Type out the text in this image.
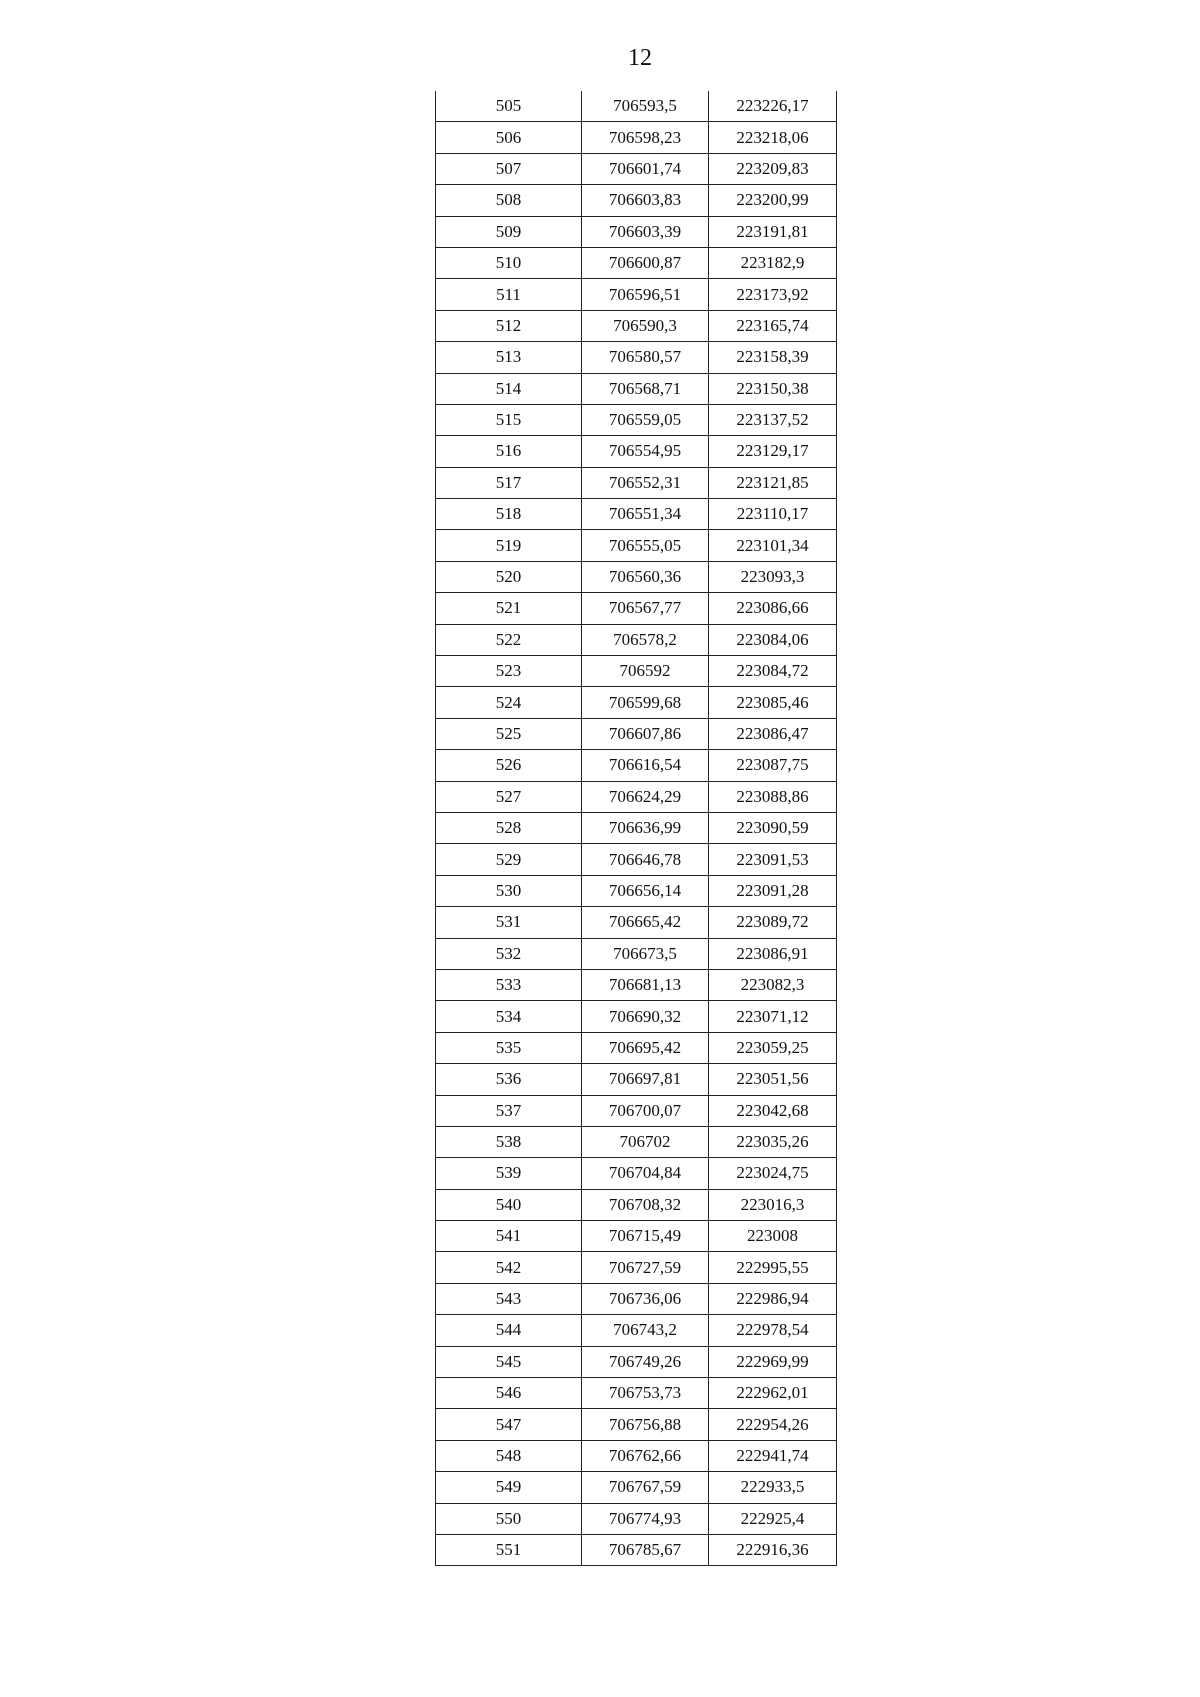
12
505	706593,5	223226,17
506	706598,23	223218,06
507	706601,74	223209,83
508	706603,83	223200,99
509	706603,39	223191,81
510	706600,87	223182,9
511	706596,51	223173,92
512	706590,3	223165,74
513	706580,57	223158,39
514	706568,71	223150,38
515	706559,05	223137,52
516	706554,95	223129,17
517	706552,31	223121,85
518	706551,34	223110,17
519	706555,05	223101,34
520	706560,36	223093,3
521	706567,77	223086,66
522	706578,2	223084,06
523	706592	223084,72
524	706599,68	223085,46
525	706607,86	223086,47
526	706616,54	223087,75
527	706624,29	223088,86
528	706636,99	223090,59
529	706646,78	223091,53
530	706656,14	223091,28
531	706665,42	223089,72
532	706673,5	223086,91
533	706681,13	223082,3
534	706690,32	223071,12
535	706695,42	223059,25
536	706697,81	223051,56
537	706700,07	223042,68
538	706702	223035,26
539	706704,84	223024,75
540	706708,32	223016,3
541	706715,49	223008
542	706727,59	222995,55
543	706736,06	222986,94
544	706743,2	222978,54
545	706749,26	222969,99
546	706753,73	222962,01
547	706756,88	222954,26
548	706762,66	222941,74
549	706767,59	222933,5
550	706774,93	222925,4
551	706785,67	222916,36
